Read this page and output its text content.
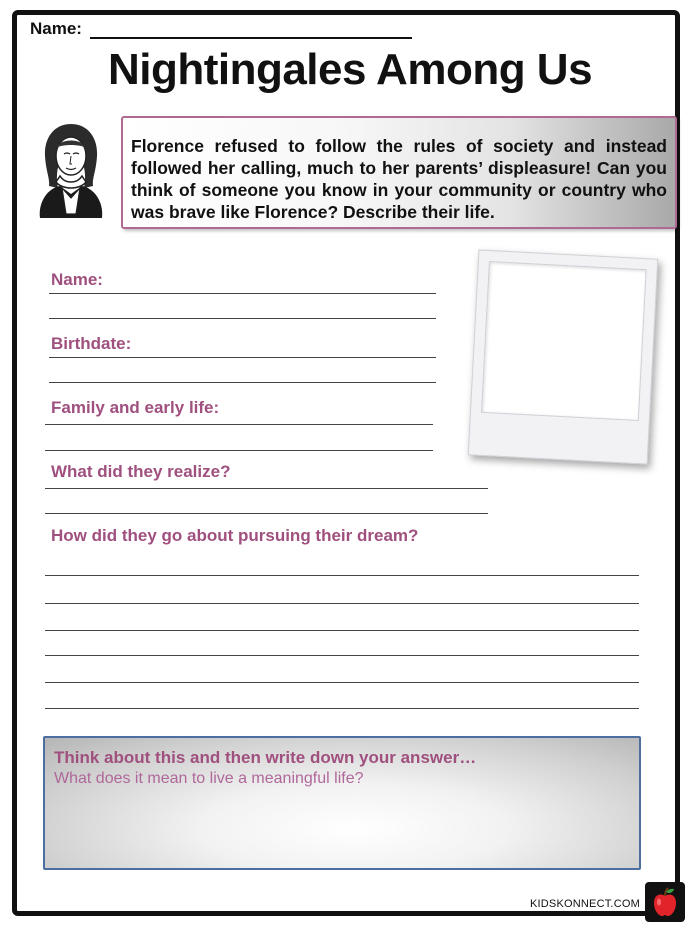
Name:
Nightingales Among Us
Florence refused to follow the rules of society and instead followed her calling, much to her parents’ displeasure! Can you think of someone you know in your community or country who was brave like Florence? Describe their life.
Name:
Birthdate:
Family and early life:
What did they realize?
How did they go about pursuing their dream?
Think about this and then write down your answer…
What does it mean to live a meaningful life?
KIDSKONNECT.COM
